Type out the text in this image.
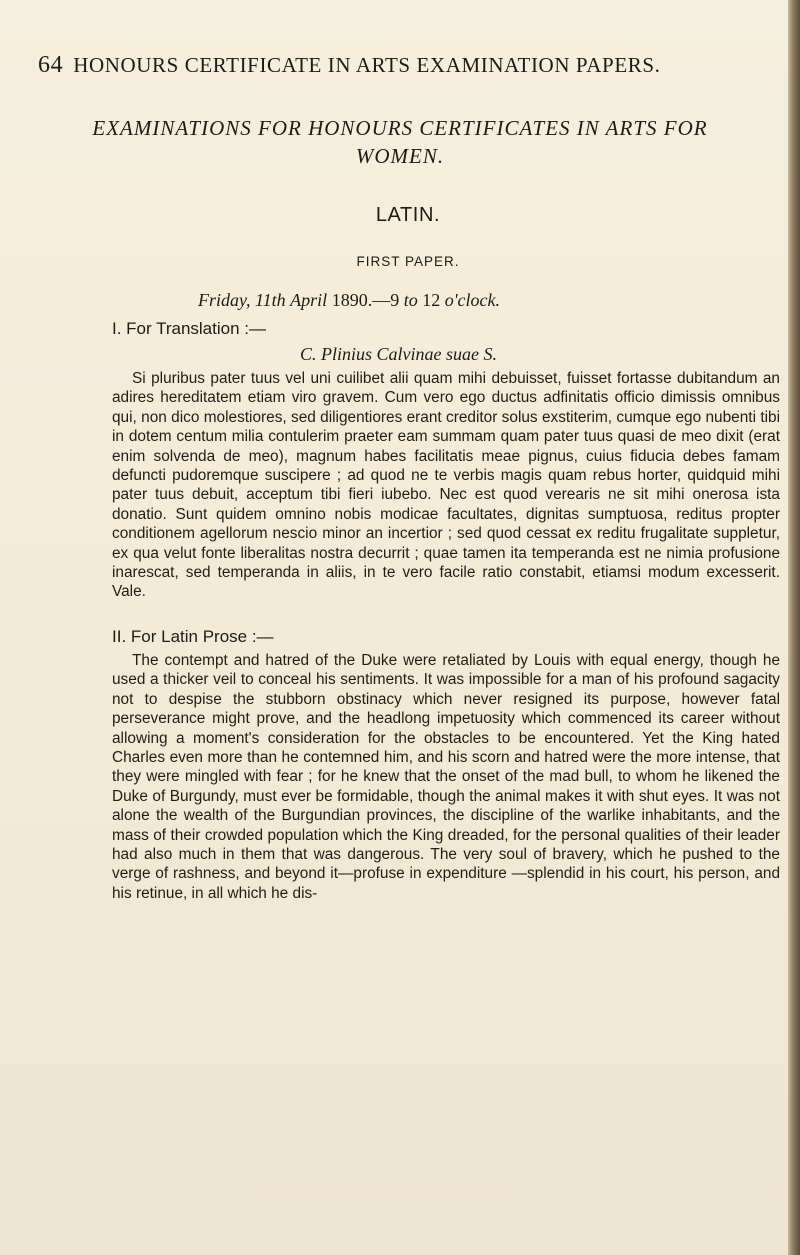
64 HONOURS CERTIFICATE IN ARTS EXAMINATION PAPERS.
EXAMINATIONS FOR HONOURS CERTIFICATES IN ARTS FOR WOMEN.
LATIN.
FIRST PAPER.
Friday, 11th April 1890.—9 to 12 o'clock.
I. For Translation :—
C. Plinius Calvinae suae S.

Si pluribus pater tuus vel uni cuilibet alii quam mihi debuisset, fuisset fortasse dubitandum an adires hereditatem etiam viro gravem. Cum vero ego ductus adfinitatis officio dimissis omnibus qui, non dico molestiores, sed diligentiores erant creditor solus exstiterim, cumque ego nubenti tibi in dotem centum milia contulerim praeter eam summam quam pater tuus quasi de meo dixit (erat enim solvenda de meo), magnum habes facilitatis meae pignus, cuius fiducia debes famam defuncti pudoremque suscipere ; ad quod ne te verbis magis quam rebus horter, quidquid mihi pater tuus debuit, acceptum tibi fieri iubebo. Nec est quod verearis ne sit mihi onerosa ista donatio. Sunt quidem omnino nobis modicae facultates, dignitas sumptuosa, reditus propter conditionem agellorum nescio minor an incertior ; sed quod cessat ex reditu frugalitate suppletur, ex qua velut fonte liberalitas nostra decurrit ; quae tamen ita temperanda est ne nimia profusione inarescat, sed temperanda in aliis, in te vero facile ratio constabit, etiamsi modum excesserit. Vale.

II. For Latin Prose :—

The contempt and hatred of the Duke were retaliated by Louis with equal energy, though he used a thicker veil to conceal his sentiments. It was impossible for a man of his profound sagacity not to despise the stubborn obstinacy which never resigned its purpose, however fatal perseverance might prove, and the headlong impetuosity which commenced its career without allowing a moment's consideration for the obstacles to be encountered. Yet the King hated Charles even more than he contemned him, and his scorn and hatred were the more intense, that they were mingled with fear ; for he knew that the onset of the mad bull, to whom he likened the Duke of Burgundy, must ever be formidable, though the animal makes it with shut eyes. It was not alone the wealth of the Burgundian provinces, the discipline of the warlike inhabitants, and the mass of their crowded population which the King dreaded, for the personal qualities of their leader had also much in them that was dangerous. The very soul of bravery, which he pushed to the verge of rashness, and beyond it—profuse in expenditure —splendid in his court, his person, and his retinue, in all which he dis-
